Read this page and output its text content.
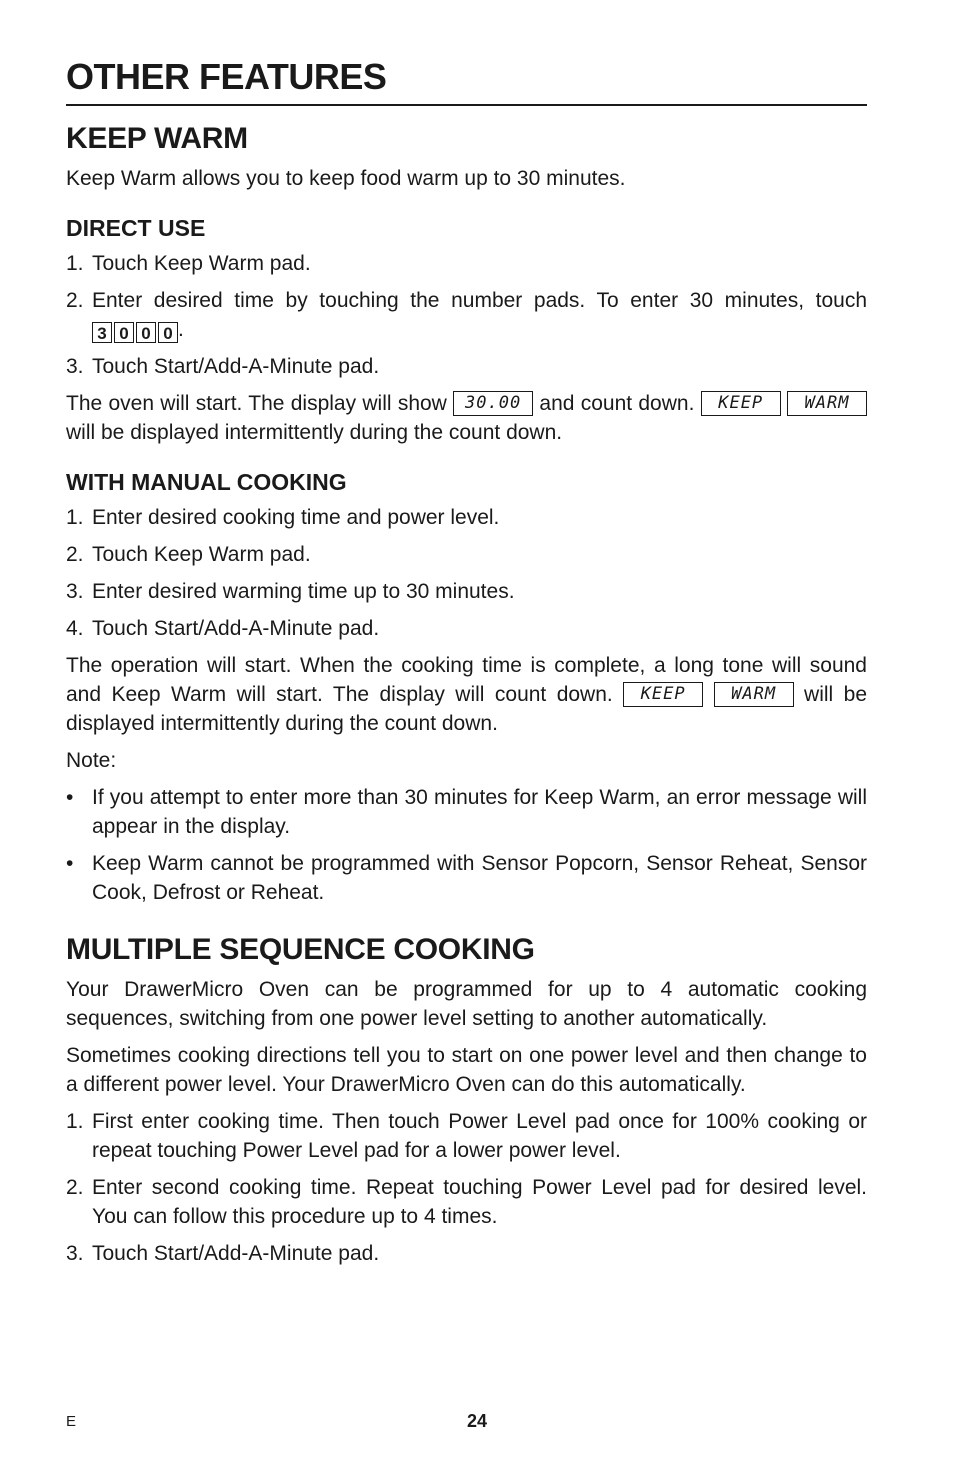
OTHER FEATURES
KEEP WARM

Keep Warm allows you to keep food warm up to 30 minutes.

DIRECT USE
1. Touch Keep Warm pad.
2. Enter desired time by touching the number pads. To enter 30 minutes, touch
3 0 0 0 .
3. Touch Start/Add-A-Minute pad.

The oven will start. The display will show 30.00 and count down. KEEP WARM will be displayed intermittently during the count down.

WITH MANUAL COOKING
1. Enter desired cooking time and power level.
2. Touch Keep Warm pad.
3. Enter desired warming time up to 30 minutes.
4. Touch Start/Add-A-Minute pad.

The operation will start. When the cooking time is complete, a long tone will sound and Keep Warm will start. The display will count down. KEEP	WARM will be displayed intermittently during the count down.

Note:

• If you attempt to enter more than 30 minutes for Keep Warm, an error message will appear in the display.
• Keep Warm cannot be programmed with Sensor Popcorn, Sensor Reheat, Sensor Cook, Defrost or Reheat.
MULTIPLE SEQUENCE COOKING

Your DrawerMicro Oven can be programmed for up to 4 automatic cooking sequences, switching from one power level setting to another automatically.

Sometimes cooking directions tell you to start on one power level and then change to a different power level. Your DrawerMicro Oven can do this automatically.

1. First enter cooking time. Then touch Power Level pad once for 100% cooking or repeat touching Power Level pad for a lower power level.
2. Enter second cooking time. Repeat touching Power Level pad for desired level. You can follow this procedure up to 4 times.
3. Touch Start/Add-A-Minute pad.
E	24
